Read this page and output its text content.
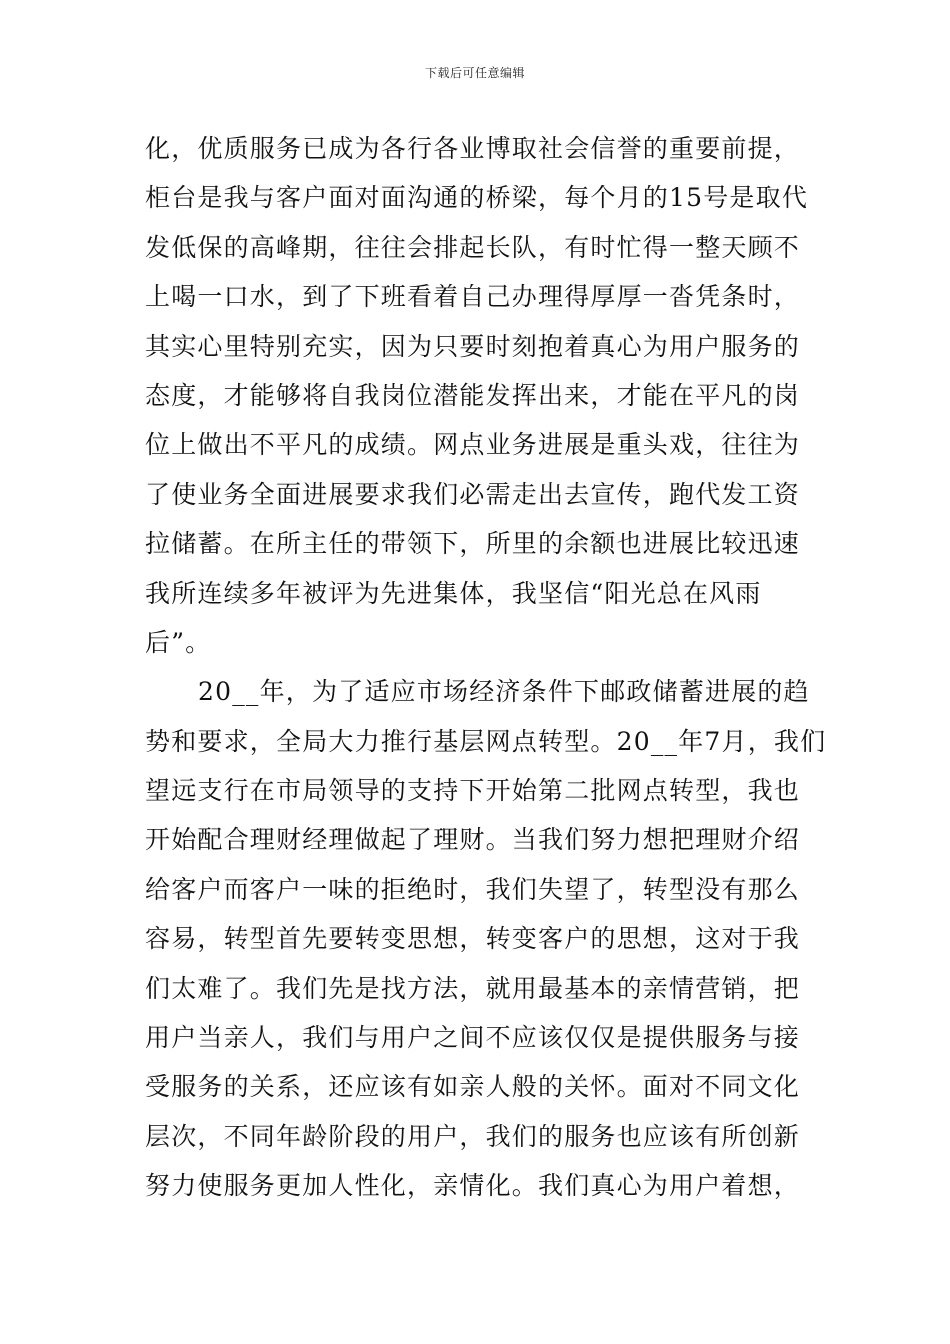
下载后可任意编辑
化，优质服务已成为各行各业博取社会信誉的重要前提，
柜台是我与客户面对面沟通的桥梁，每个月的15号是取代
发低保的高峰期，往往会排起长队，有时忙得一整天顾不
上喝一口水，到了下班看着自己办理得厚厚一沓凭条时，
其实心里特别充实，因为只要时刻抱着真心为用户服务的
态度，才能够将自我岗位潜能发挥出来，才能在平凡的岗
位上做出不平凡的成绩。网点业务进展是重头戏，往往为
了使业务全面进展要求我们必需走出去宣传，跑代发工资
拉储蓄。在所主任的带领下，所里的余额也进展比较迅速
我所连续多年被评为先进集体，我坚信“阳光总在风雨
后”。
20__年，为了适应市场经济条件下邮政储蓄进展的趋
势和要求，全局大力推行基层网点转型。20__年7月，我们
望远支行在市局领导的支持下开始第二批网点转型，我也
开始配合理财经理做起了理财。当我们努力想把理财介绍
给客户而客户一味的拒绝时，我们失望了，转型没有那么
容易，转型首先要转变思想，转变客户的思想，这对于我
们太难了。我们先是找方法，就用最基本的亲情营销，把
用户当亲人，我们与用户之间不应该仅仅是提供服务与接
受服务的关系，还应该有如亲人般的关怀。面对不同文化
层次，不同年龄阶段的用户，我们的服务也应该有所创新
努力使服务更加人性化，亲情化。我们真心为用户着想，
